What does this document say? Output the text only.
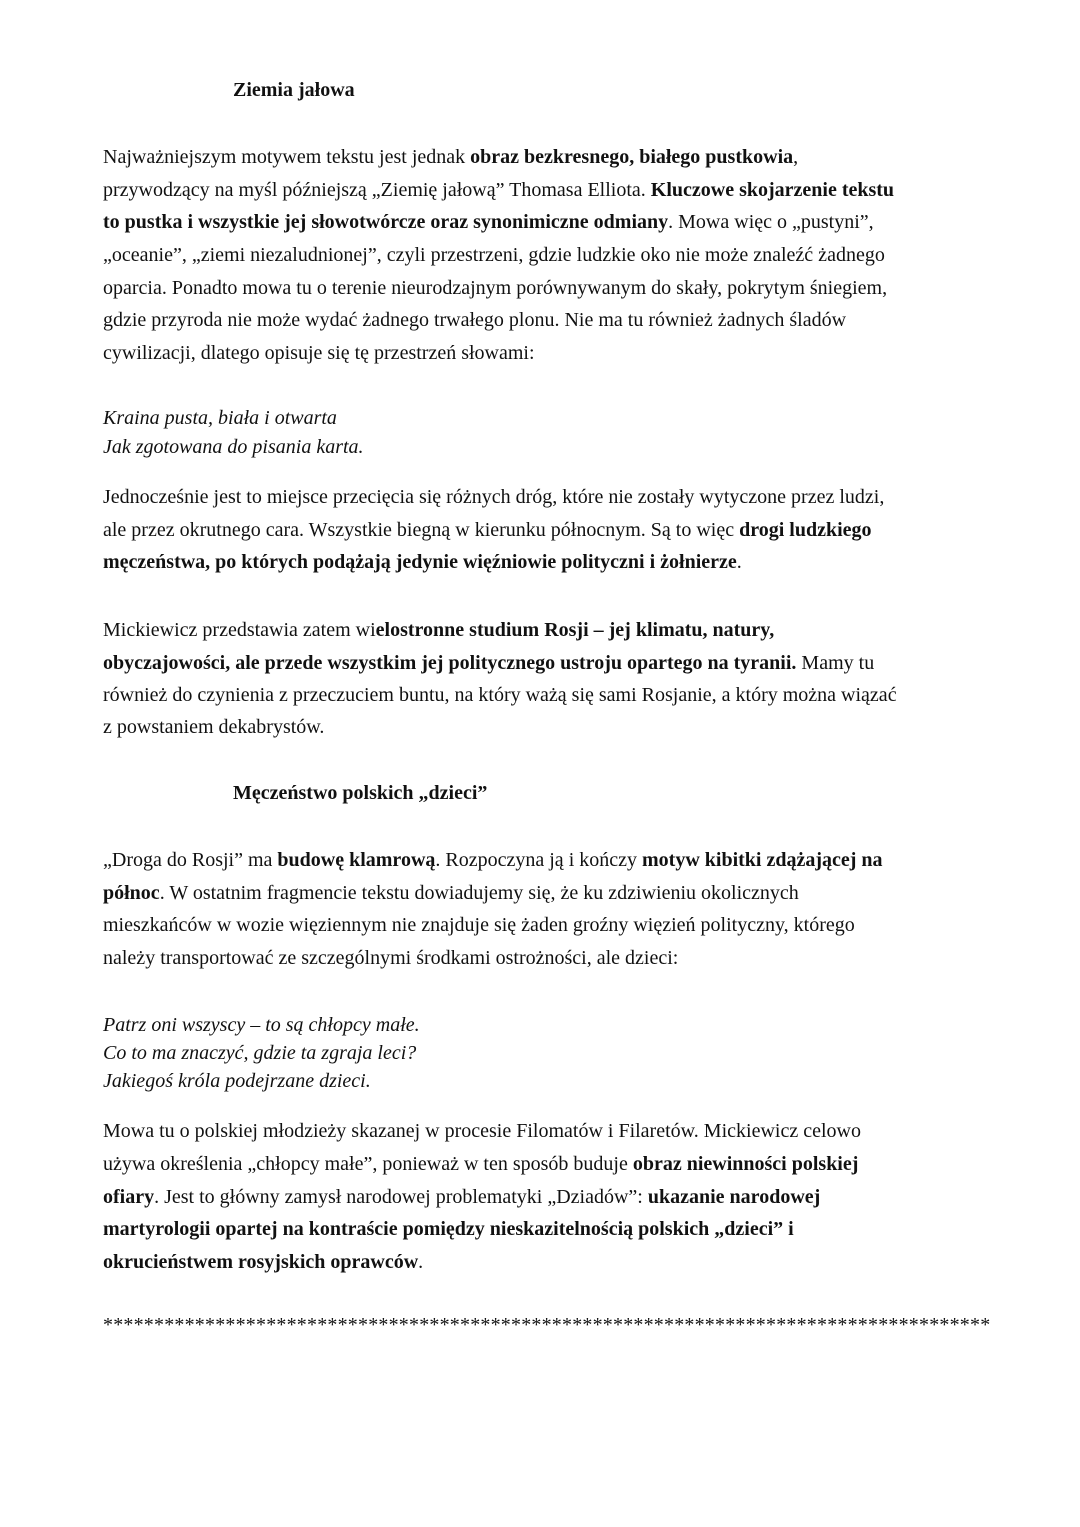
Ziemia jałowa
Najważniejszym motywem tekstu jest jednak obraz bezkresnego, białego pustkowia,
przywodzący na myśl późniejszą „Ziemię jałową” Thomasa Elliota. Kluczowe skojarzenie tekstu
to pustka i wszystkie jej słowotwórcze oraz synonimiczne odmiany. Mowa więc o „pustyni”,
„oceanie”, „ziemi niezaludnionej”, czyli przestrzeni, gdzie ludzkie oko nie może znaleźć żadnego
oparcia. Ponadto mowa tu o terenie nieurodzajnym porównywanym do skały, pokrytym śniegiem,
gdzie przyroda nie może wydać żadnego trwałego plonu. Nie ma tu również żadnych śladów
cywilizacji, dlatego opisuje się tę przestrzeń słowami:
Kraina pusta, biała i otwarta
Jak zgotowana do pisania karta.
Jednocześnie jest to miejsce przecięcia się różnych dróg, które nie zostały wytyczone przez ludzi,
ale przez okrutnego cara. Wszystkie biegną w kierunku północnym. Są to więc drogi ludzkiego
męczeństwa, po których podążają jedynie więźniowie polityczni i żołnierze.
Mickiewicz przedstawia zatem wielostronne studium Rosji – jej klimatu, natury,
obyczajowości, ale przede wszystkim jej politycznego ustroju opartego na tyranii. Mamy tu
również do czynienia z przeczuciem buntu, na który ważą się sami Rosjanie, a który można wiązać
z powstaniem dekabrystów.
Męczeństwo polskich „dzieci”
„Droga do Rosji” ma budowę klamrową. Rozpoczyna ją i kończy motyw kibitki zdążającej na
północ. W ostatnim fragmencie tekstu dowiadujemy się, że ku zdziwieniu okolicznych
mieszkańców w wozie więziennym nie znajduje się żaden groźny więzień polityczny, którego
należy transportować ze szczególnymi środkami ostrożności, ale dzieci:
Patrz oni wszyscy – to są chłopcy małe.
Co to ma znaczyć, gdzie ta zgraja leci?
Jakiegoś króla podejrzane dzieci.
Mowa tu o polskiej młodzieży skazanej w procesie Filomatów i Filaretów. Mickiewicz celowo
używa określenia „chłopcy małe”, ponieważ w ten sposób buduje obraz niewinności polskiej
ofiary. Jest to główny zamysł narodowej problematyki „Dziadów”: ukazanie narodowej
martyrologii opartej na kontraście pomiędzy nieskazitelnością polskich „dzieci” i
okrucieństwem rosyjskich oprawców.
***************************************************************************************
